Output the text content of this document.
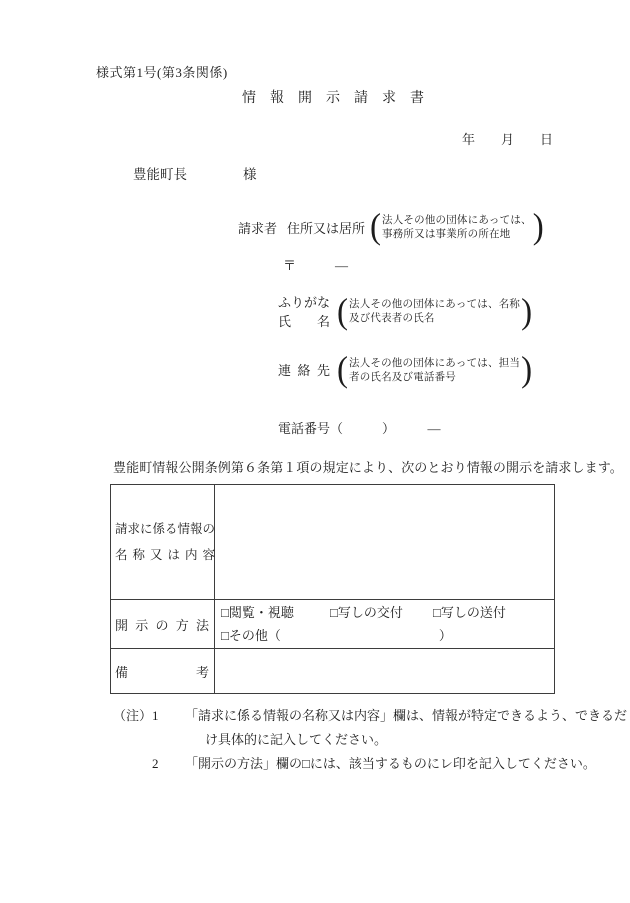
様式第1号(第3条関係)
情　報　開　示　請　求　書
年　　月　　日
豊能町長	様
請求者 住所又は居所 ( 法人その他の団体にあっては、
事務所又は事業所の所在地 )
〒　　　―
ふりがな
氏名 ( 法人その他の団体にあっては、名称
及び代表者の氏名	)
連絡先 ( 法人その他の団体にあっては、担当
者の氏名及び電話番号	)
電話番号（　　　）　　　―
豊能町情報公開条例第６条第１項の規定により、次のとおり情報の開示を請求します。
請求に係る情報の
名称又は内容	

開示の方法	□閲覧・視聴 □写しの交付 □写しの送付
□その他（ ）

備考	

（注） 1	「請求に係る情報の名称又は内容」欄は、情報が特定できるよう、できるだ
け具体的に記入してください。
2	「開示の方法」欄の□には、該当するものにレ印を記入してください。
